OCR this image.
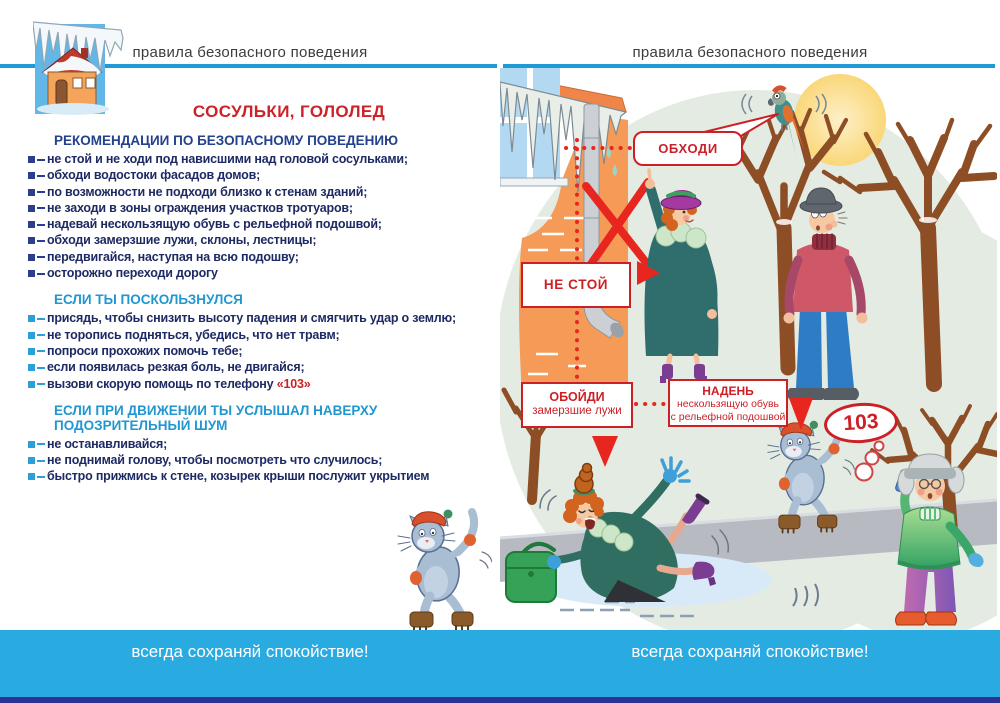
правила безопасного поведения	правила безопасного поведения
СОСУЛЬКИ, ГОЛОЛЕД
РЕКОМЕНДАЦИИ ПО БЕЗОПАСНОМУ ПОВЕДЕНИЮ
не стой и не ходи под нависшими над головой сосульками;
обходи водостоки фасадов домов;
по возможности не подходи близко к стенам зданий;
не заходи в зоны ограждения участков тротуаров;
надевай нескользящую обувь с рельефной подошвой;
обходи замерзшие лужи, склоны, лестницы;
передвигайся, наступая на всю подошву;
осторожно переходи дорогу
ЕСЛИ ТЫ ПОСКОЛЬЗНУЛСЯ
присядь, чтобы снизить высоту падения и смягчить удар о землю;
не торопись подняться, убедись, что нет травм;
попроси прохожих помочь тебе;
если появилась резкая боль, не двигайся;
вызови скорую помощь по телефону «103»
ЕСЛИ ПРИ ДВИЖЕНИИ ТЫ УСЛЫШАЛ НАВЕРХУ ПОДОЗРИТЕЛЬНЫЙ ШУМ
не останавливайся;
не поднимай голову, чтобы посмотреть что случилось;
быстро прижмись к стене, козырек крыши послужит укрытием
ОБХОДИ
НЕ СТОЙ
ОБОЙДИ
замерзшие лужи
НАДЕНЬ
нескользящую обувь
с рельефной подошвой	103
всегда сохраняй спокойствие!	всегда сохраняй спокойствие!
